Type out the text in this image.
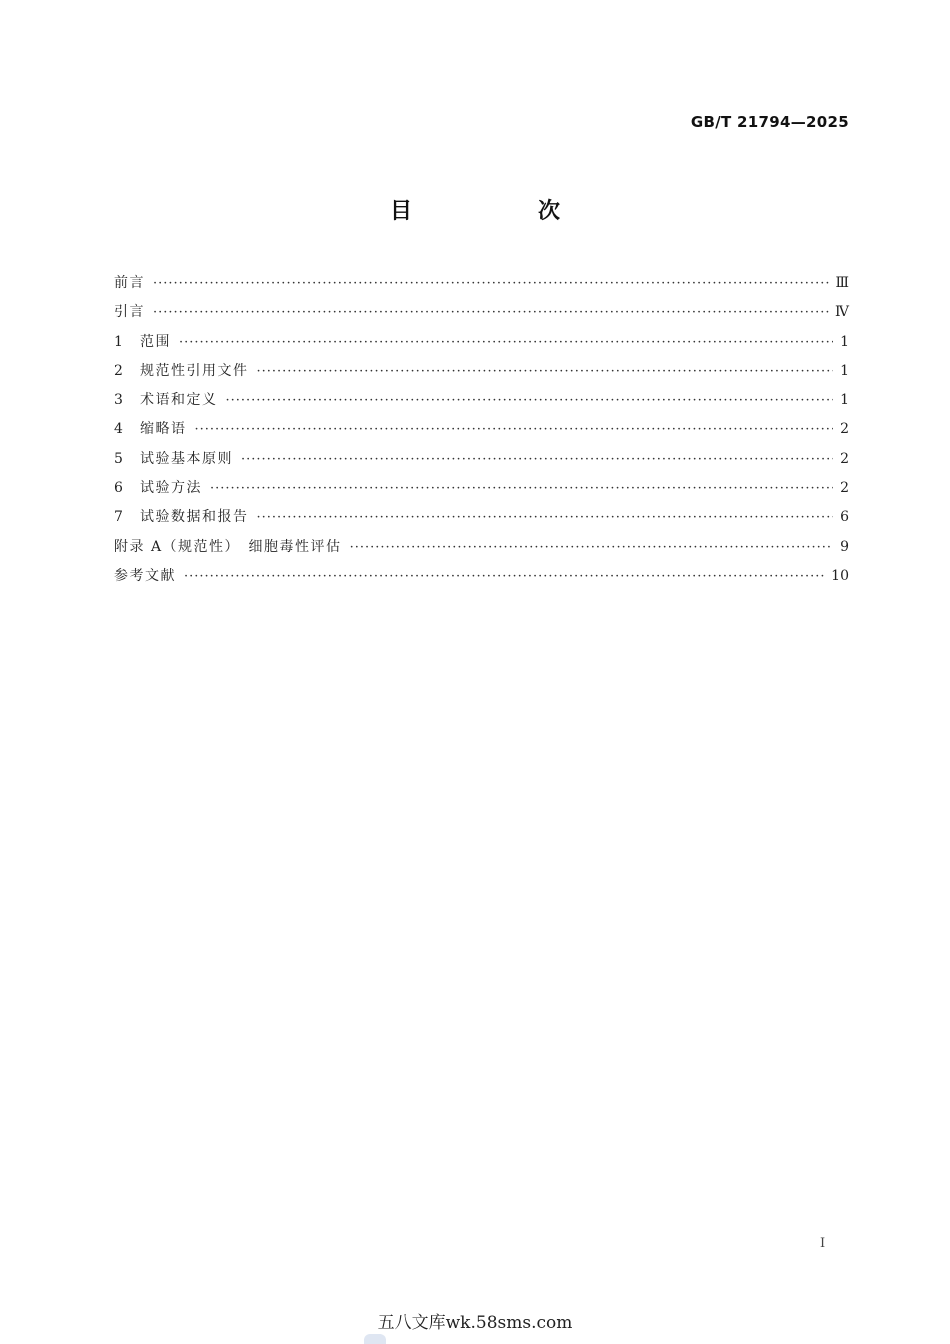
GB/T 21794—2025
目　次
前言 ·····	Ⅲ
引言 ·····	Ⅳ
1	范围 ·····	1
2	规范性引用文件 ·····	1
3	术语和定义 ·····	1
4	缩略语 ·····	2
5	试验基本原则 ·····	2
6	试验方法 ·····	2
7	试验数据和报告 ·····	6
附录 A（规范性）　细胞毒性评估 ·····	9
参考文献 ·····	10
I
五八文库wk.58sms.com
